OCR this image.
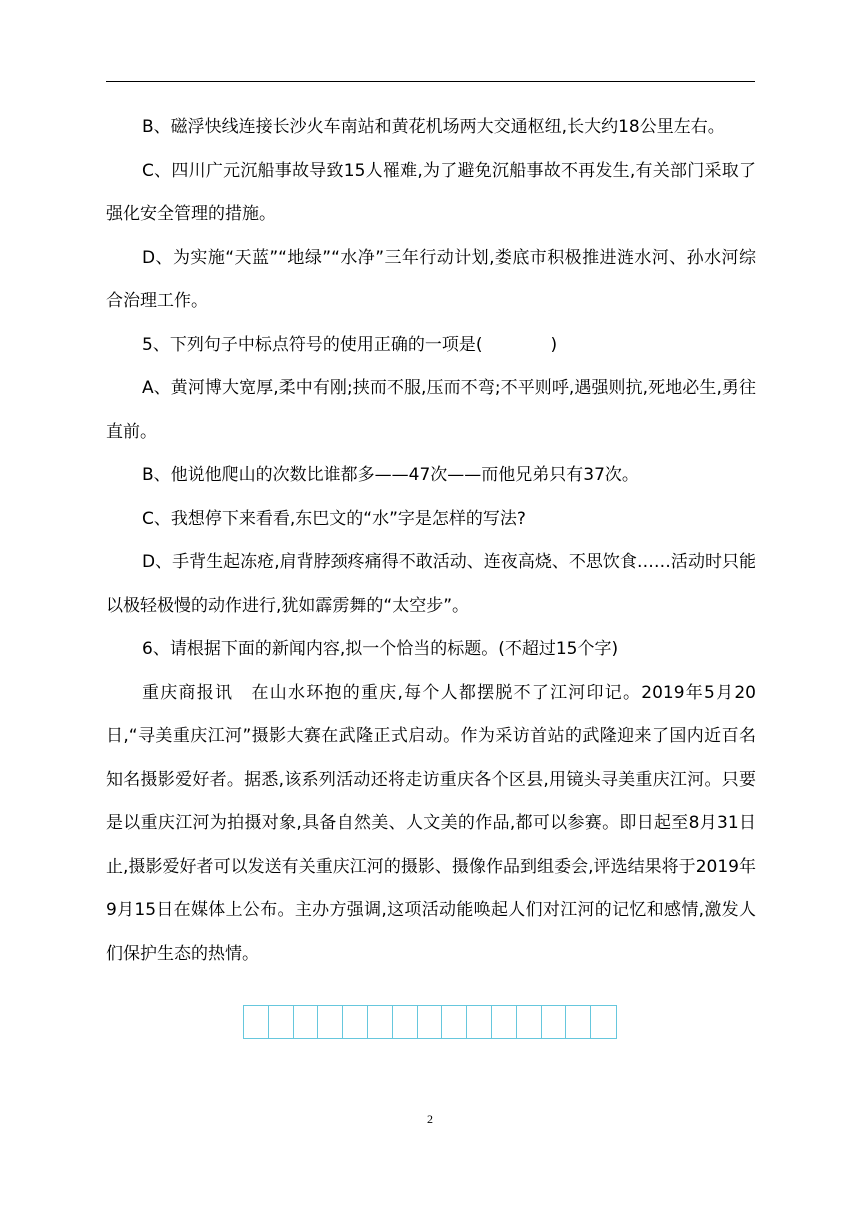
B、磁浮快线连接长沙火车南站和黄花机场两大交通枢纽,长大约18公里左右。

C、四川广元沉船事故导致15人罹难,为了避免沉船事故不再发生,有关部门采取了强化安全管理的措施。

D、为实施“天蓝”“地绿”“水净”三年行动计划,娄底市积极推进涟水河、孙水河综合治理工作。

5、下列句子中标点符号的使用正确的一项是(　　　　)

A、黄河博大宽厚,柔中有刚;挟而不服,压而不弯;不平则呼,遇强则抗,死地必生,勇往直前。

B、他说他爬山的次数比谁都多——47次——而他兄弟只有37次。

C、我想停下来看看,东巴文的“水”字是怎样的写法?

D、手背生起冻疮,肩背脖颈疼痛得不敢活动、连夜高烧、不思饮食……活动时只能以极轻极慢的动作进行,犹如霹雳舞的“太空步”。

6、请根据下面的新闻内容,拟一个恰当的标题。(不超过15个字)

重庆商报讯　在山水环抱的重庆,每个人都摆脱不了江河印记。2019年5月20日,“寻美重庆江河”摄影大赛在武隆正式启动。作为采访首站的武隆迎来了国内近百名知名摄影爱好者。据悉,该系列活动还将走访重庆各个区县,用镜头寻美重庆江河。只要是以重庆江河为拍摄对象,具备自然美、人文美的作品,都可以参赛。即日起至8月31日止,摄影爱好者可以发送有关重庆江河的摄影、摄像作品到组委会,评选结果将于2019年9月15日在媒体上公布。主办方强调,这项活动能唤起人们对江河的记忆和感情,激发人们保护生态的热情。

2
